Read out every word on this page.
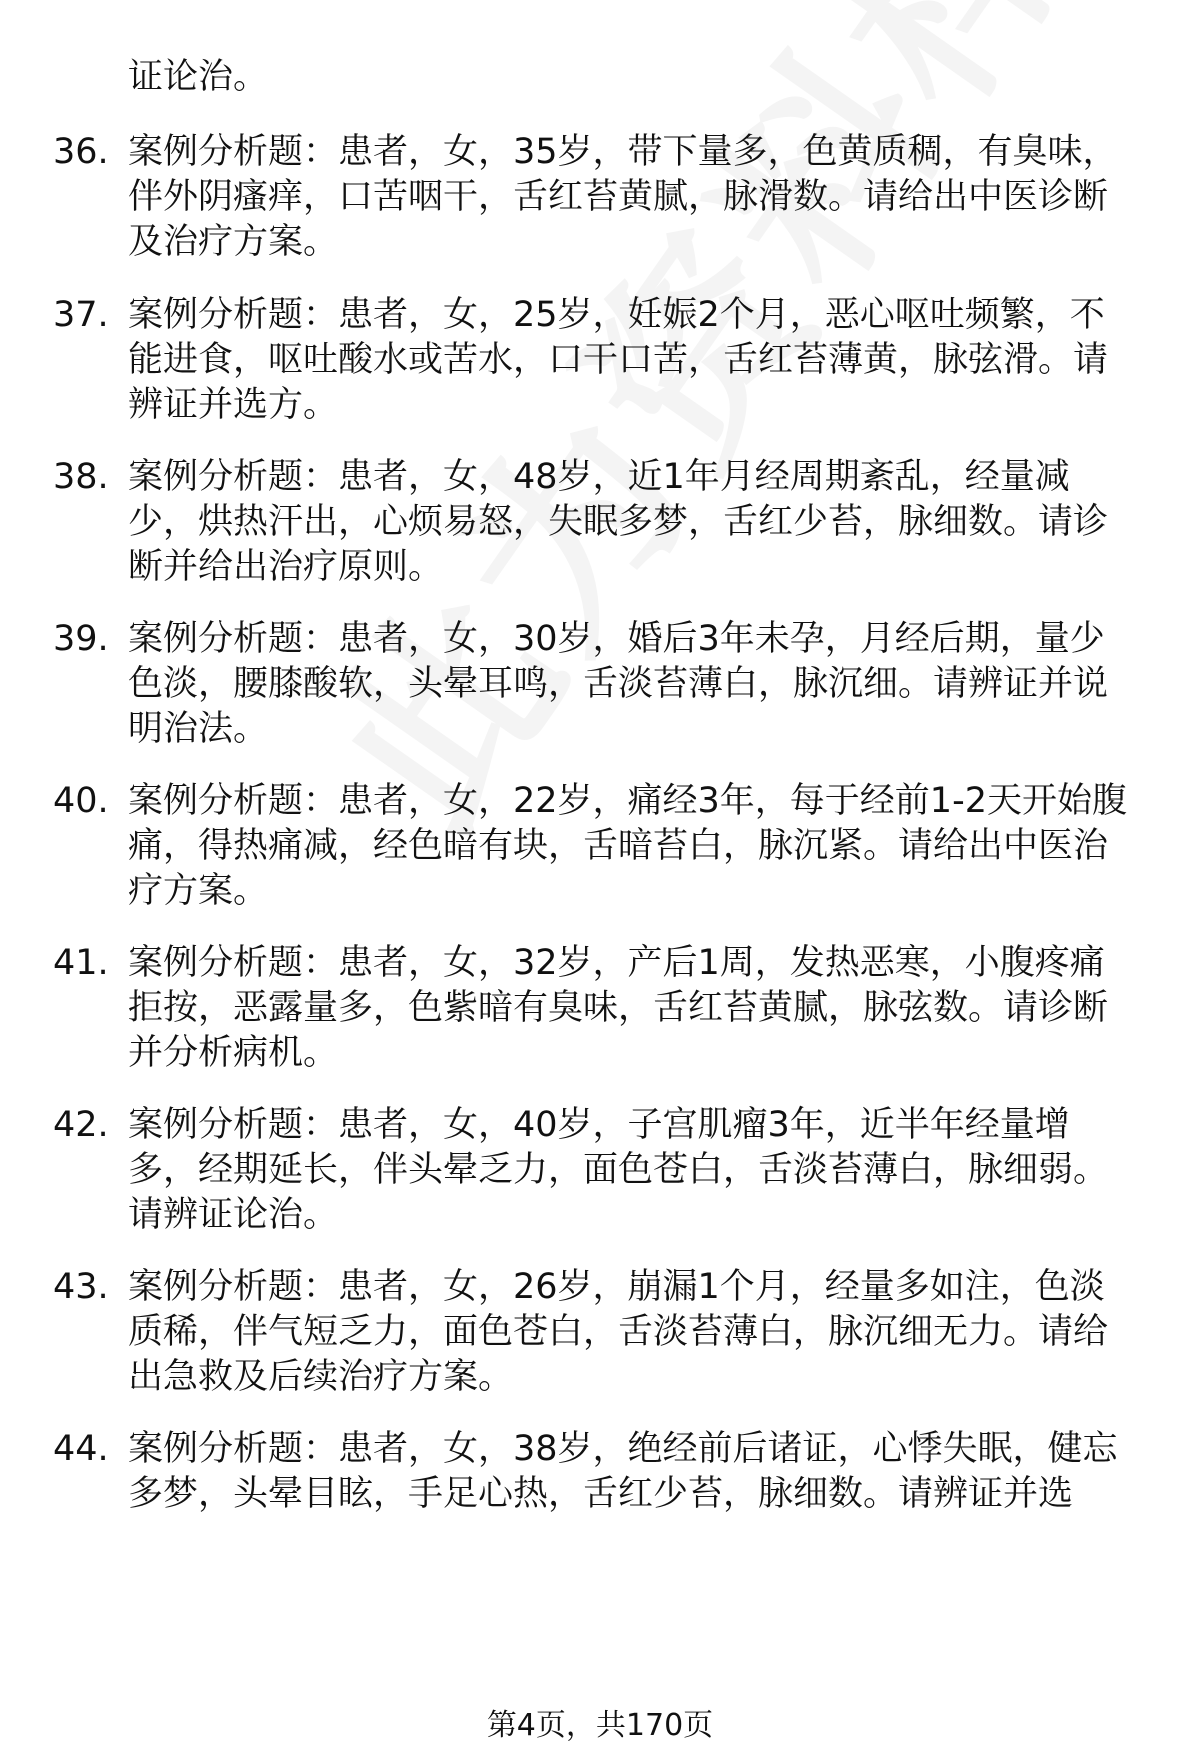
证论治。
36. 案例分析题：患者，女，35岁，带下量多，色黄质稠，有臭味，
伴外阴瘙痒，口苦咽干，舌红苔黄腻，脉滑数。请给出中医诊断
及治疗方案。
37. 案例分析题：患者，女，25岁，妊娠2个月，恶心呕吐频繁，不
能进食，呕吐酸水或苦水，口干口苦，舌红苔薄黄，脉弦滑。请
辨证并选方。
38. 案例分析题：患者，女，48岁，近1年月经周期紊乱，经量减
少，烘热汗出，心烦易怒，失眠多梦，舌红少苔，脉细数。请诊
断并给出治疗原则。
39. 案例分析题：患者，女，30岁，婚后3年未孕，月经后期，量少
色淡，腰膝酸软，头晕耳鸣，舌淡苔薄白，脉沉细。请辨证并说
明治法。
40. 案例分析题：患者，女，22岁，痛经3年，每于经前1-2天开始腹
痛，得热痛减，经色暗有块，舌暗苔白，脉沉紧。请给出中医治
疗方案。
41. 案例分析题：患者，女，32岁，产后1周，发热恶寒，小腹疼痛
拒按，恶露量多，色紫暗有臭味，舌红苔黄腻，脉弦数。请诊断
并分析病机。
42. 案例分析题：患者，女，40岁，子宫肌瘤3年，近半年经量增
多，经期延长，伴头晕乏力，面色苍白，舌淡苔薄白，脉细弱。
请辨证论治。
43. 案例分析题：患者，女，26岁，崩漏1个月，经量多如注，色淡
质稀，伴气短乏力，面色苍白，舌淡苔薄白，脉沉细无力。请给
出急救及后续治疗方案。
44. 案例分析题：患者，女，38岁，绝经前后诸证，心悸失眠，健忘
多梦，头晕目眩，手足心热，舌红少苔，脉细数。请辨证并选
第4页，共170页
